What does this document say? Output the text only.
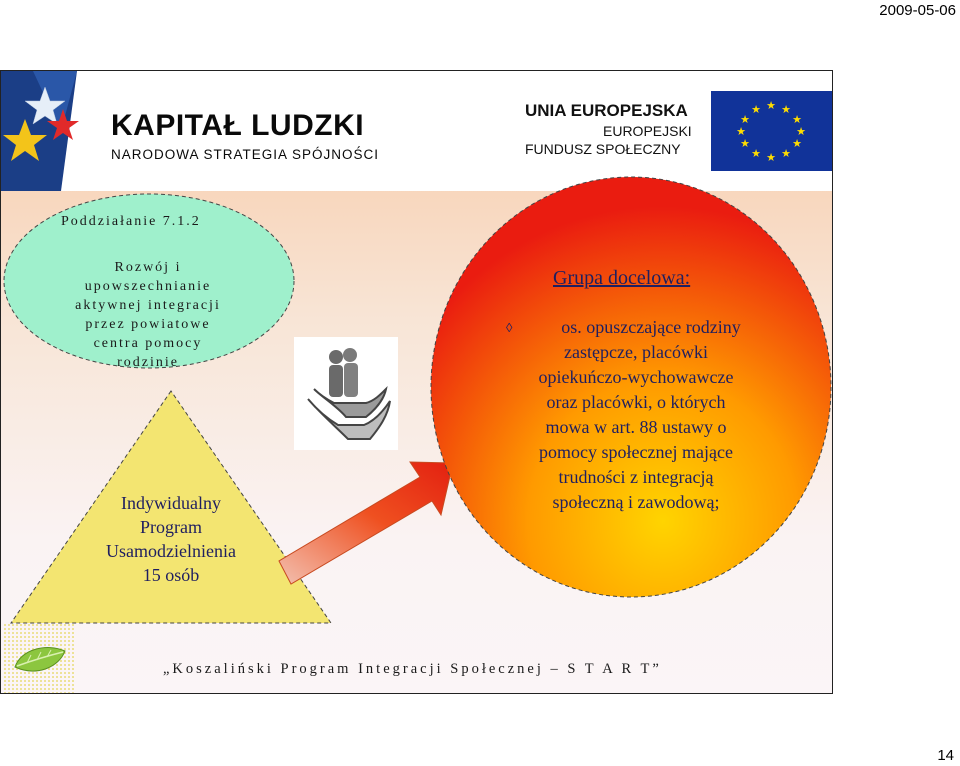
2009-05-06
KAPITAŁ LUDZKI
NARODOWA STRATEGIA SPÓJNOŚCI
UNIA EUROPEJSKA
EUROPEJSKI
FUNDUSZ SPOŁECZNY
★ ★
★
★
★
★
★
★
★
★
★
★
Poddziałanie 7.1.2
Rozwój i
upowszechnianie
aktywnej integracji
przez powiatowe
centra pomocy
rodzinie
Indywidualny
Program
Usamodzielnienia
15 osób
Grupa docelowa:
◊	os. opuszczające rodziny
zastępcze, placówki
opiekuńczo-wychowawcze
oraz placówki, o których
mowa w art. 88 ustawy o
pomocy społecznej mające
trudności z integracją
społeczną i zawodową;
„Koszaliński Program Integracji Społecznej – S T A R T”
14
